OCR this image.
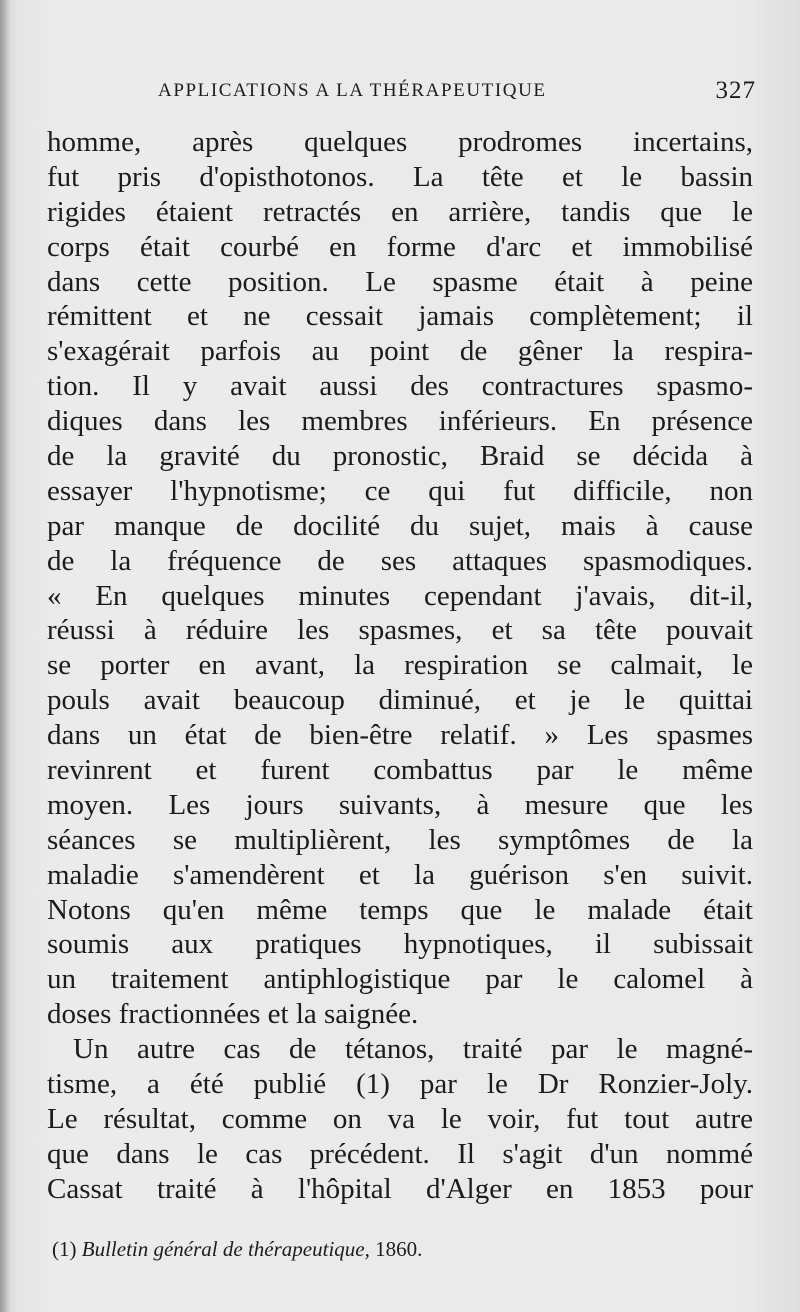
APPLICATIONS A LA THÉRAPEUTIQUE	327
homme, après quelques prodromes incertains,
fut pris d'opisthotonos. La tête et le bassin
rigides étaient retractés en arrière, tandis que le
corps était courbé en forme d'arc et immobilisé
dans cette position. Le spasme était à peine
rémittent et ne cessait jamais complètement; il
s'exagérait parfois au point de gêner la respira-
tion. Il y avait aussi des contractures spasmo-
diques dans les membres inférieurs. En présence
de la gravité du pronostic, Braid se décida à
essayer l'hypnotisme; ce qui fut difficile, non
par manque de docilité du sujet, mais à cause
de la fréquence de ses attaques spasmodiques.
« En quelques minutes cependant j'avais, dit-il,
réussi à réduire les spasmes, et sa tête pouvait
se porter en avant, la respiration se calmait, le
pouls avait beaucoup diminué, et je le quittai
dans un état de bien-être relatif. » Les spasmes
revinrent et furent combattus par le même
moyen. Les jours suivants, à mesure que les
séances se multiplièrent, les symptômes de la
maladie s'amendèrent et la guérison s'en suivit.
Notons qu'en même temps que le malade était
soumis aux pratiques hypnotiques, il subissait
un traitement antiphlogistique par le calomel à
doses fractionnées et la saignée.
Un autre cas de tétanos, traité par le magné-
tisme, a été publié (1) par le Dr Ronzier-Joly.
Le résultat, comme on va le voir, fut tout autre
que dans le cas précédent. Il s'agit d'un nommé
Cassat traité à l'hôpital d'Alger en 1853 pour
(1) Bulletin général de thérapeutique, 1860.
